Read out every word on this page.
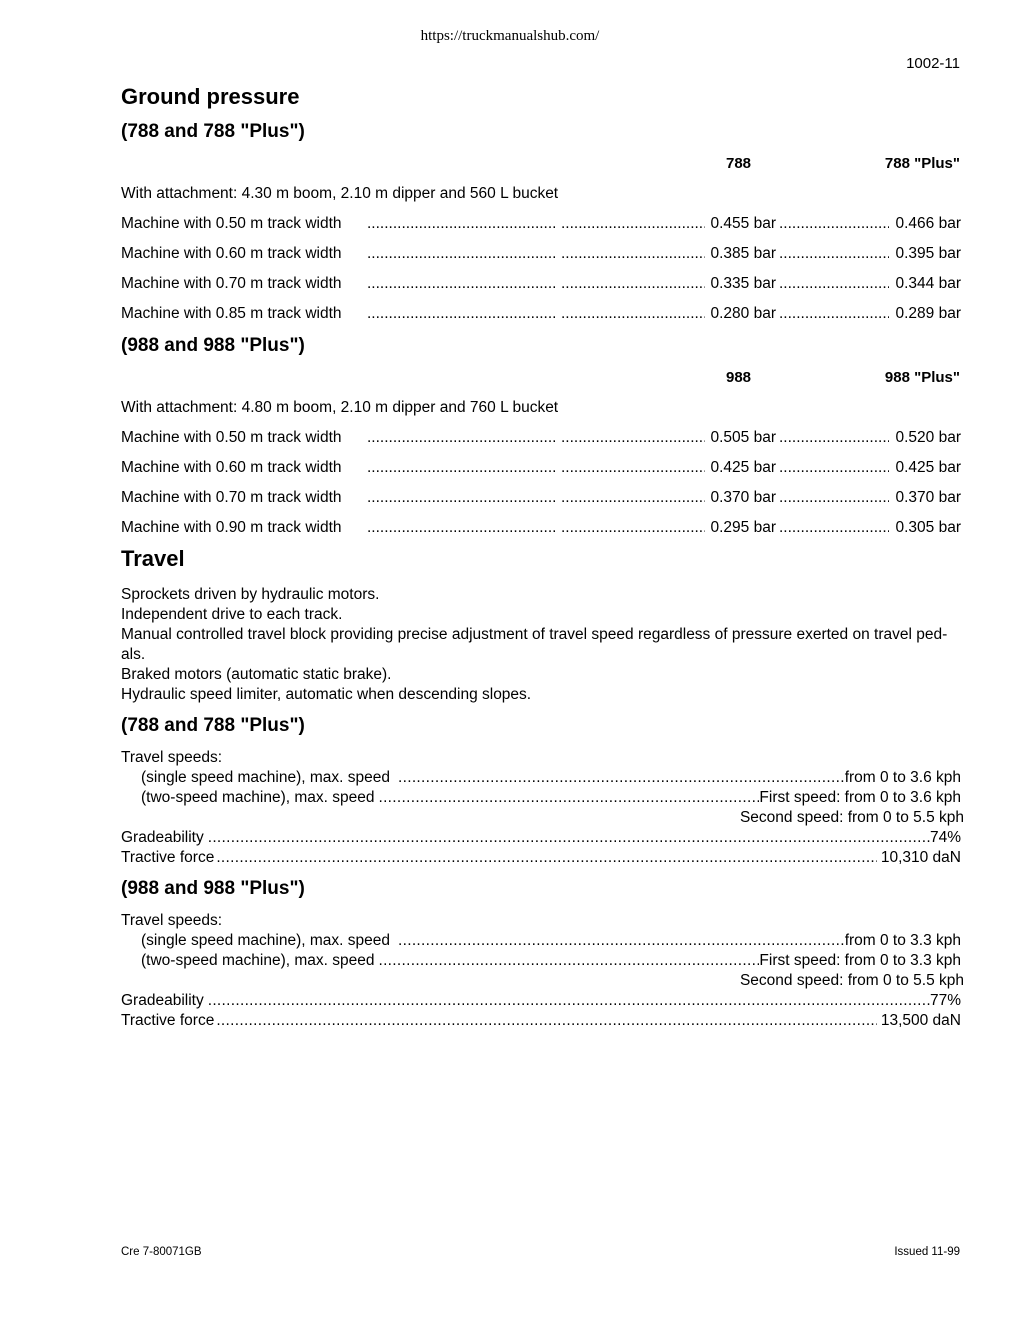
https://truckmanualshub.com/
1002-11
Ground pressure
(788 and 788 "Plus")
788	788 "Plus"
With attachment: 4.30 m boom, 2.10 m dipper and 560 L bucket
Machine with 0.50 m track width ..... .....	0.455 bar .....	0.466 bar
Machine with 0.60 m track width ..... .....	0.385 bar .....	0.395 bar
Machine with 0.70 m track width ..... .....	0.335 bar .....	0.344 bar
Machine with 0.85 m track width ..... .....	0.280 bar .....	0.289 bar
(988 and 988 "Plus")
988	988 "Plus"
With attachment: 4.80 m boom, 2.10 m dipper and 760 L bucket
Machine with 0.50 m track width ..... .....	0.505 bar .....	0.520 bar
Machine with 0.60 m track width ..... .....	0.425 bar .....	0.425 bar
Machine with 0.70 m track width ..... .....	0.370 bar .....	0.370 bar
Machine with 0.90 m track width ..... .....	0.295 bar .....	0.305 bar
Travel
Sprockets driven by hydraulic motors.
Independent drive to each track.
Manual controlled travel block providing precise adjustment of travel speed regardless of pressure exerted on travel ped-
als.
Braked motors (automatic static brake).
Hydraulic speed limiter, automatic when descending slopes.
(788 and 788 "Plus")
Travel speeds:
(single speed machine), max. speed .....	from 0 to 3.6 kph
(two-speed machine), max. speed .....	First speed: from 0 to 3.6 kph
Second speed: from 0 to 5.5 kph
Gradeability .....	74%
Tractive force .....	10,310 daN
(988 and 988 "Plus")
Travel speeds:
(single speed machine), max. speed .....	from 0 to 3.3 kph
(two-speed machine), max. speed .....	First speed: from 0 to 3.3 kph
Second speed: from 0 to 5.5 kph
Gradeability .....	77%
Tractive force .....	13,500 daN
Cre 7-80071GB	Issued 11-99
